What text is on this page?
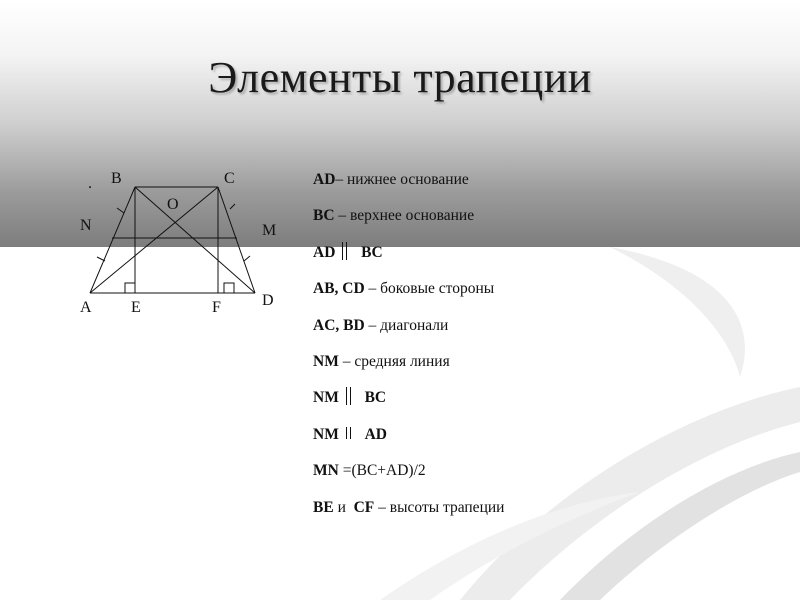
Элементы трапеции
. B	C
O
N	M
A E	F	D
AD– нижнее основание
BC – верхнее основание
AD BC
AB, CD – боковые стороны
AC, BD – диагонали
NM – средняя линия
NM BC
NM AD
MN =(BC+AD)/2
BE и  CF – высоты трапеции
